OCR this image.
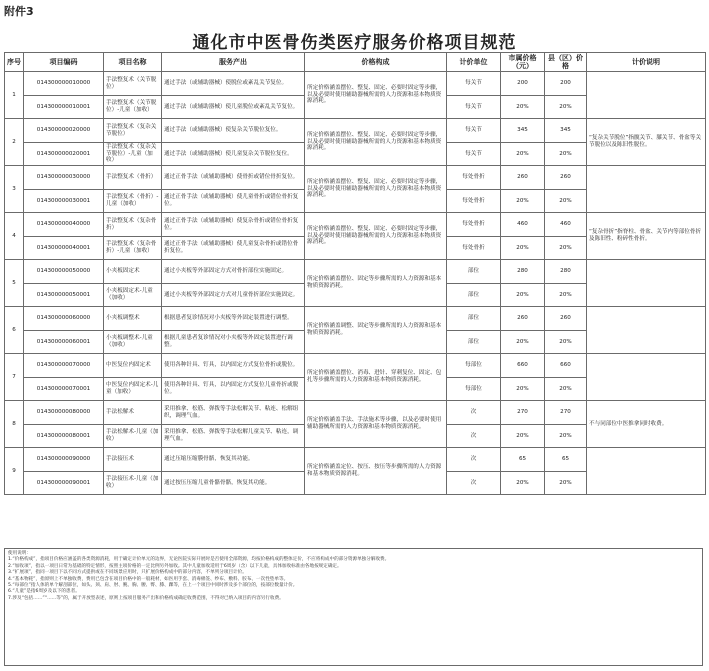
附件3
通化市中医骨伤类医疗服务价格项目规范
序号	项目编码	项目名称	服务产出	价格构成	计价单位	市属价格（元）	县（区）价格	计价说明
1	014300000010000	手法整复术（关节脱位）	通过手法（或辅助器械）使脱位或紊乱关节复位。	所定价格涵盖摆位、整复、固定、必要时固定等步骤，以及必要时使用辅助器械所需的人力资源和基本物质资源消耗。	每关节	200	200	
	014300000010001	手法整复术（关节脱位）-儿童（加收）	通过手法（或辅助器械）使儿童脱位或紊乱关节复位。		每关节	20%	20%	
2	014300000020000	手法整复术（复杂关节脱位）	通过手法（或辅助器械）使复杂关节脱位复位。	所定价格涵盖摆位、整复、固定、必要时固定等步骤，以及必要时使用辅助器械所需的人力资源和基本物质资源消耗。	每关节	345	345	“复杂关节脱位”指髋关节、膝关节、骨盆等关节脱位以及陈旧性脱位。
	014300000020001	手法整复术（复杂关节脱位）-儿童（加收）	通过手法（或辅助器械）使儿童复杂关节脱位复位。		每关节	20%	20%	
3	014300000030000	手法整复术（骨折）	通过正骨手法（或辅助器械）使骨折或错位骨折复位。	所定价格涵盖摆位、整复、固定、必要时固定等步骤，以及必要时使用辅助器械所需的人力资源和基本物质资源消耗。	每处骨折	260	260	
	014300000030001	手法整复术（骨折）-儿童（加收）	通过正骨手法（或辅助器械）使儿童骨折或错位骨折复位。		每处骨折	20%	20%	
4	014300000040000	手法整复术（复杂骨折）	通过正骨手法（或辅助器械）使复杂骨折或错位骨折复位。	所定价格涵盖摆位、整复、固定、必要时固定等步骤，以及必要时使用辅助器械所需的人力资源和基本物质资源消耗。	每处骨折	460	460	“复杂骨折”指脊柱、骨盆、关节内等部位骨折及陈旧性、粉碎性骨折。
	014300000040001	手法整复术（复杂骨折）-儿童（加收）	通过正骨手法（或辅助器械）使儿童复杂骨折或错位骨折复位。		每处骨折	20%	20%	
5	014300000050000	小夹板固定术	通过小夹板等外部固定方式对骨折部位实施固定。	所定价格涵盖摆位、固定等步骤所需的人力资源和基本物质资源消耗。	部位	280	280	
	014300000050001	小夹板固定术-儿童（加收）	通过小夹板等外部固定方式对儿童骨折部位实施固定。		部位	20%	20%	
6	014300000060000	小夹板调整术	根据患者复诊情况对小夹板等外固定装置进行调整。	所定价格涵盖调整、固定等步骤所需的人力资源和基本物质资源消耗。	部位	260	260	
	014300000060001	小夹板调整术-儿童（加收）	根据儿童患者复诊情况对小夹板等外固定装置进行调整。		部位	20%	20%	
7	014300000070000	中医复位内固定术	使用各种针具、钉具，以内固定方式复位骨折或脱位。	所定价格涵盖摆位、消毒、进针、穿刺复位、固定、包扎等步骤所需的人力资源和基本物质资源消耗。	每部位	660	660	
	014300000070001	中医复位内固定术-儿童（加收）	使用各种针具、钉具，以内固定方式复位儿童骨折或脱位。		每部位	20%	20%	
8	014300000080000	手法松解术	采用推拿、松筋、弹拨等手法松解关节、粘连、松解组织，调理气血。	所定价格涵盖手法、手法施术等步骤，以及必要时使用辅助器械所需的人力资源和基本物质资源消耗。	次	270	270	不与同部位中医推拿同时收费。
	014300000080001	手法松解术-儿童（加收）	采用推拿、松筋、弹拨等手法松解儿童关节、粘连，调理气血。		次	20%	20%	
9	014300000090000	手法接压术	通过压缩压缩膜骨骼，恢复其功能。	所定价格涵盖定位、按压、按压等步骤所需的人力资源和基本物质资源消耗。	次	65	65	
	014300000090001	手法接压术-儿童（加收）	通过按压压缩儿童骨骼骨骼，恢复其功能。		次	20%	20%	
使用说明：
1.“价格构成”，指项目价格应涵盖的各类资源消耗，用于确定计价单元的边界，无论医院实际开展时是否使用全部资源，均按价格构成的整体定价，不应将构成中的部分资源单独分解收费。
2.“加收项”，指以一项目日常为基础的特定情形，按照主项价格的一定比例另外加收。其中儿童加收适用于6周岁（含）以下儿童，具体加收标准由各地按规定确定。
3.“扩展项”，指同一项目下以不同方式提供或在不同场景应用时，只扩展价格构成中的部分内容，不单列分项目计价。
4.“基本物耗”，指原则上不单独收费，费用已包含在项目价格中的一般耗材，如医用手套、消毒棉签、纱布、敷料、胶布、一次性垫单等。
5.“每部位”指人体的单个解剖部位，如头、颈、肩、肘、腕、胸、腰、臀、膝、踝等，在上一个项目中同时涉及多个部位的，按部位数量计价。
6.“儿童”是指6周岁及以下的患者。
7.涉及“包括……”“……等”的，属于开放型表述，原则上按项目服务产出和价格构成确定收费范围，不得对已纳入项目的内容另行收费。
